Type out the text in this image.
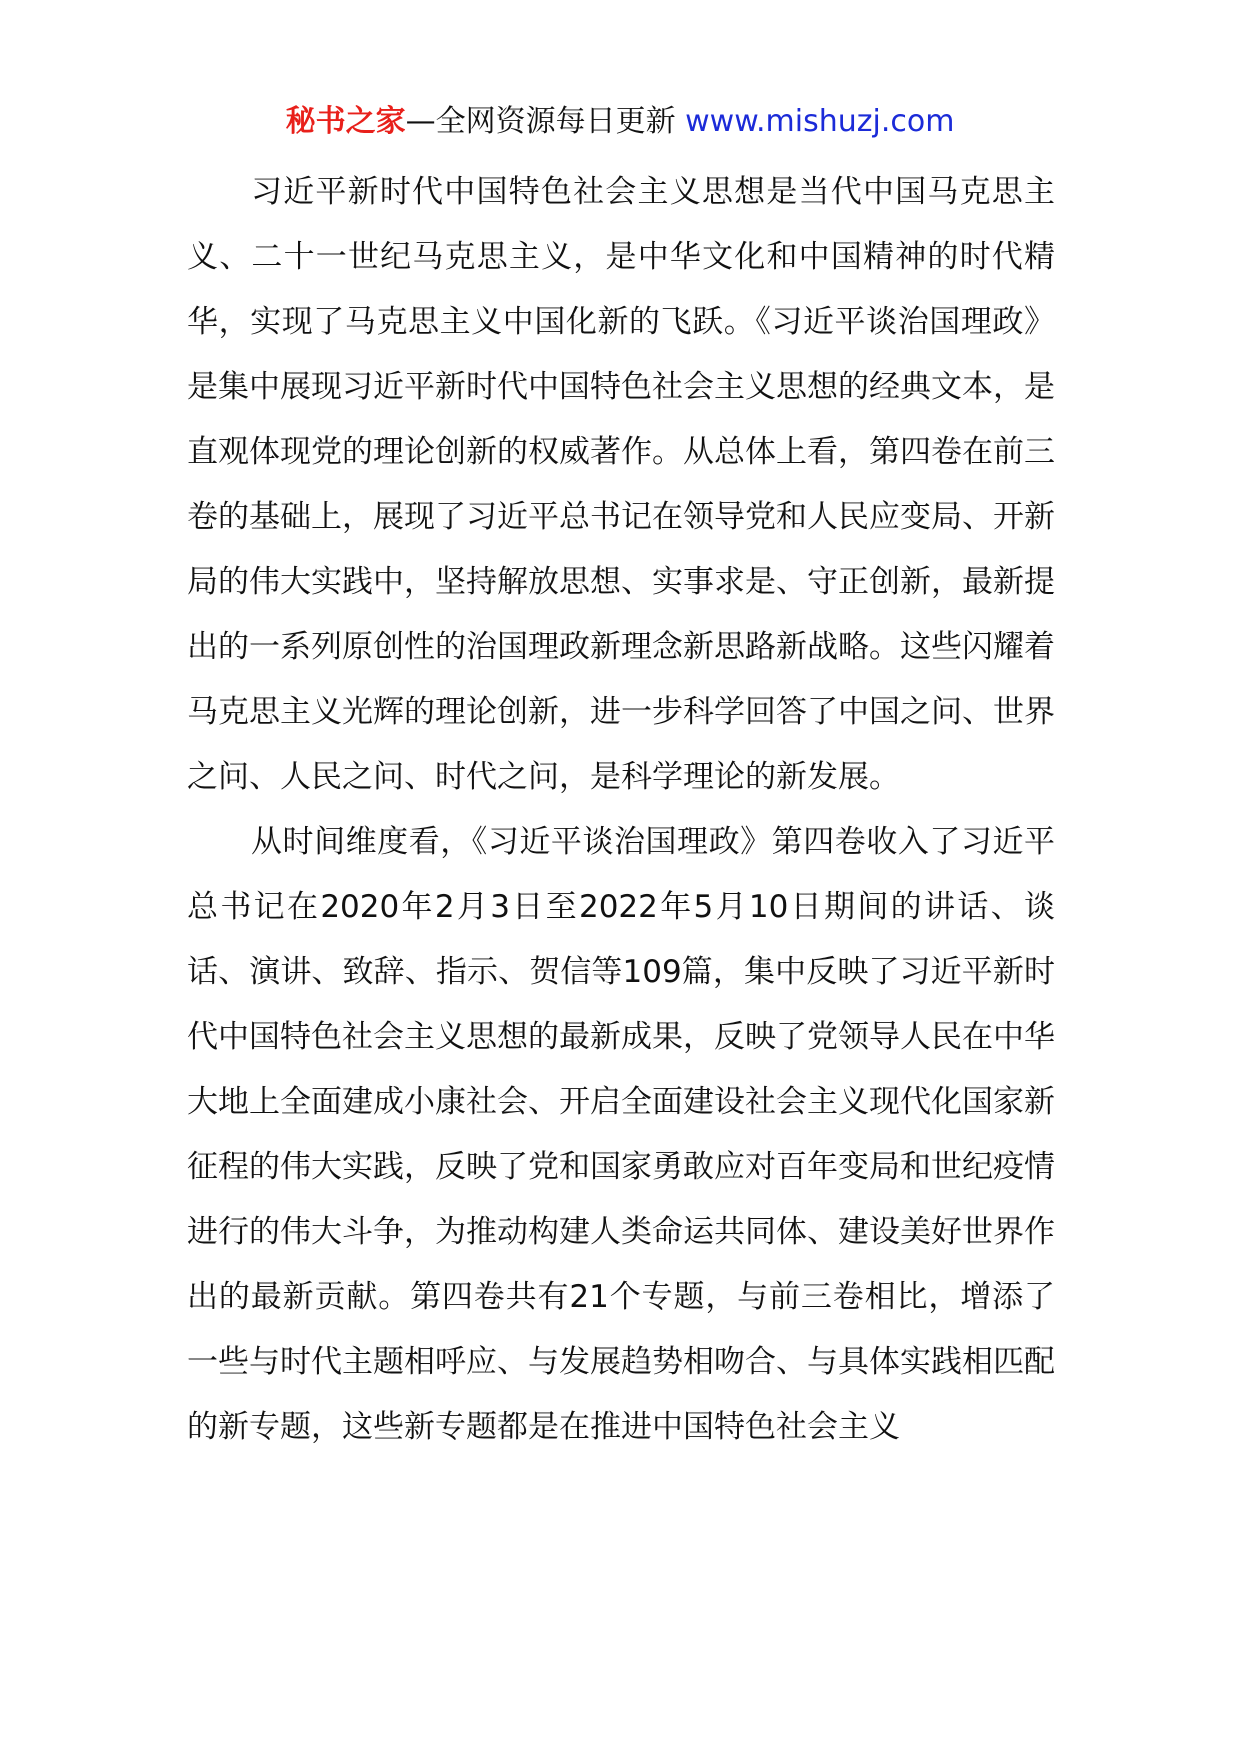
秘书之家—全网资源每日更新 www.mishuzj.com

习近平新时代中国特色社会主义思想是当代中国马克思主义、二十一世纪马克思主义，是中华文化和中国精神的时代精华，实现了马克思主义中国化新的飞跃。《习近平谈治国理政》是集中展现习近平新时代中国特色社会主义思想的经典文本，是直观体现党的理论创新的权威著作。从总体上看，第四卷在前三卷的基础上，展现了习近平总书记在领导党和人民应变局、开新局的伟大实践中，坚持解放思想、实事求是、守正创新，最新提出的一系列原创性的治国理政新理念新思路新战略。这些闪耀着马克思主义光辉的理论创新，进一步科学回答了中国之问、世界之问、人民之问、时代之问，是科学理论的新发展。

从时间维度看，《习近平谈治国理政》第四卷收入了习近平总书记在2020年2月3日至2022年5月10日期间的讲话、谈话、演讲、致辞、指示、贺信等109篇，集中反映了习近平新时代中国特色社会主义思想的最新成果，反映了党领导人民在中华大地上全面建成小康社会、开启全面建设社会主义现代化国家新征程的伟大实践，反映了党和国家勇敢应对百年变局和世纪疫情进行的伟大斗争，为推动构建人类命运共同体、建设美好世界作出的最新贡献。第四卷共有21个专题，与前三卷相比，增添了一些与时代主题相呼应、与发展趋势相吻合、与具体实践相匹配的新专题，这些新专题都是在推进中国特色社会主义
